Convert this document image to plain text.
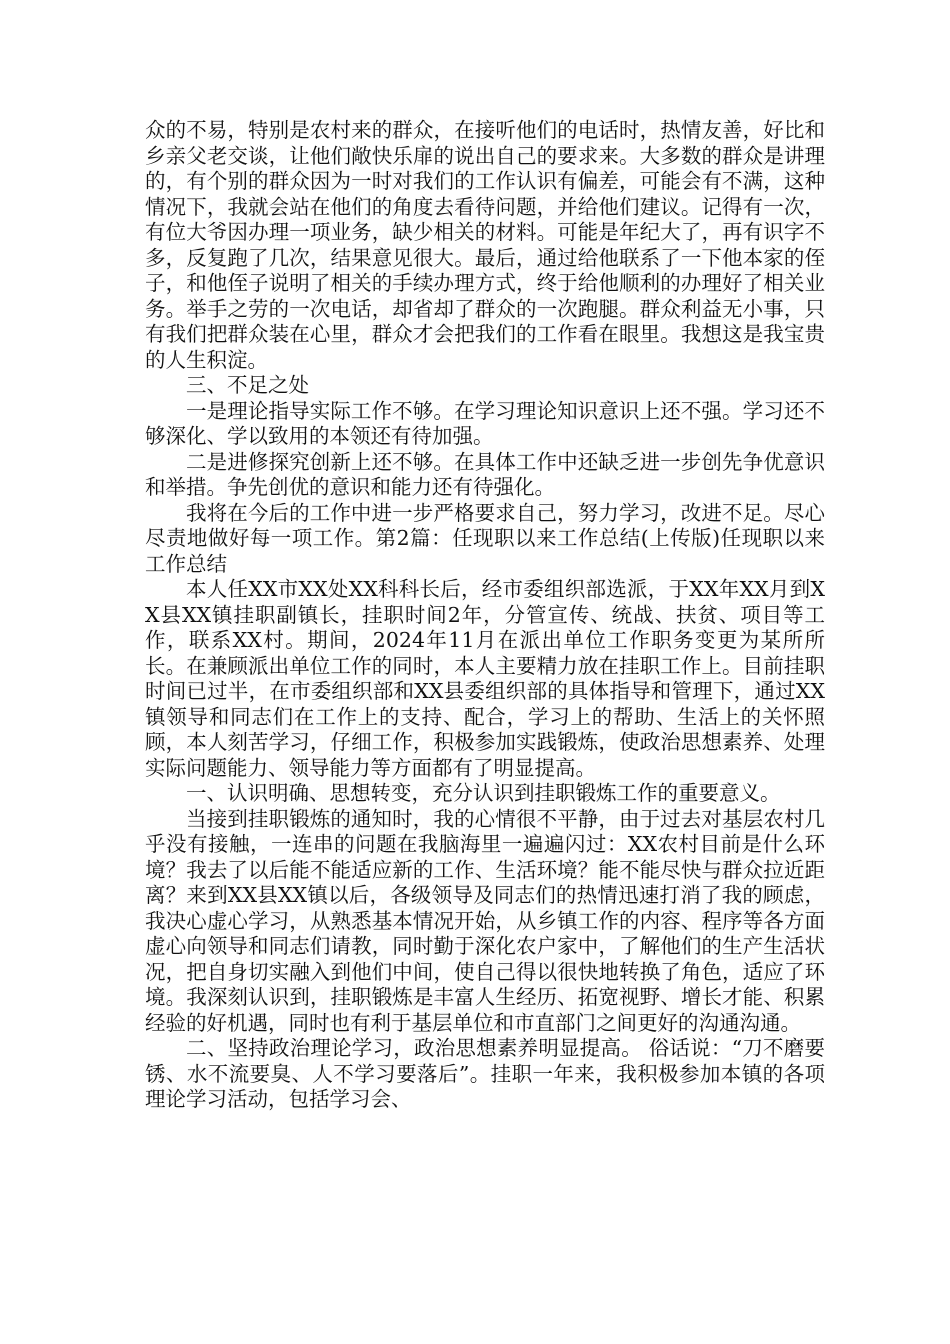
众的不易，特别是农村来的群众，在接听他们的电话时，热情友善，好比和乡亲父老交谈，让他们敞快乐扉的说出自己的要求来。大多数的群众是讲理的，有个别的群众因为一时对我们的工作认识有偏差，可能会有不满，这种情况下，我就会站在他们的角度去看待问题，并给他们建议。记得有一次，有位大爷因办理一项业务，缺少相关的材料。可能是年纪大了，再有识字不多，反复跑了几次，结果意见很大。最后，通过给他联系了一下他本家的侄子，和他侄子说明了相关的手续办理方式，终于给他顺利的办理好了相关业务。举手之劳的一次电话，却省却了群众的一次跑腿。群众利益无小事，只有我们把群众装在心里，群众才会把我们的工作看在眼里。我想这是我宝贵的人生积淀。

三、不足之处

一是理论指导实际工作不够。在学习理论知识意识上还不强。学习还不够深化、学以致用的本领还有待加强。

二是进修探究创新上还不够。在具体工作中还缺乏进一步创先争优意识和举措。争先创优的意识和能力还有待强化。

我将在今后的工作中进一步严格要求自己，努力学习，改进不足。尽心尽责地做好每一项工作。第2篇：任现职以来工作总结(上传版)任现职以来工作总结

本人任XX市XX处XX科科长后，经市委组织部选派，于XX年XX月到XX县XX镇挂职副镇长，挂职时间2年，分管宣传、统战、扶贫、项目等工作，联系XX村。期间，2024年11月在派出单位工作职务变更为某所所长。在兼顾派出单位工作的同时，本人主要精力放在挂职工作上。目前挂职时间已过半，在市委组织部和XX县委组织部的具体指导和管理下，通过XX镇领导和同志们在工作上的支持、配合，学习上的帮助、生活上的关怀照顾，本人刻苦学习，仔细工作，积极参加实践锻炼，使政治思想素养、处理实际问题能力、领导能力等方面都有了明显提高。

一、认识明确、思想转变，充分认识到挂职锻炼工作的重要意义。

当接到挂职锻炼的通知时，我的心情很不平静，由于过去对基层农村几乎没有接触，一连串的问题在我脑海里一遍遍闪过：XX农村目前是什么环境？我去了以后能不能适应新的工作、生活环境？能不能尽快与群众拉近距离？来到XX县XX镇以后，各级领导及同志们的热情迅速打消了我的顾虑，我决心虚心学习，从熟悉基本情况开始，从乡镇工作的内容、程序等各方面虚心向领导和同志们请教，同时勤于深化农户家中，了解他们的生产生活状况，把自身切实融入到他们中间，使自己得以很快地转换了角色，适应了环境。我深刻认识到，挂职锻炼是丰富人生经历、拓宽视野、增长才能、积累经验的好机遇，同时也有利于基层单位和市直部门之间更好的沟通沟通。

二、坚持政治理论学习，政治思想素养明显提高。 俗话说：“刀不磨要锈、水不流要臭、人不学习要落后”。挂职一年来，我积极参加本镇的各项理论学习活动，包括学习会、
